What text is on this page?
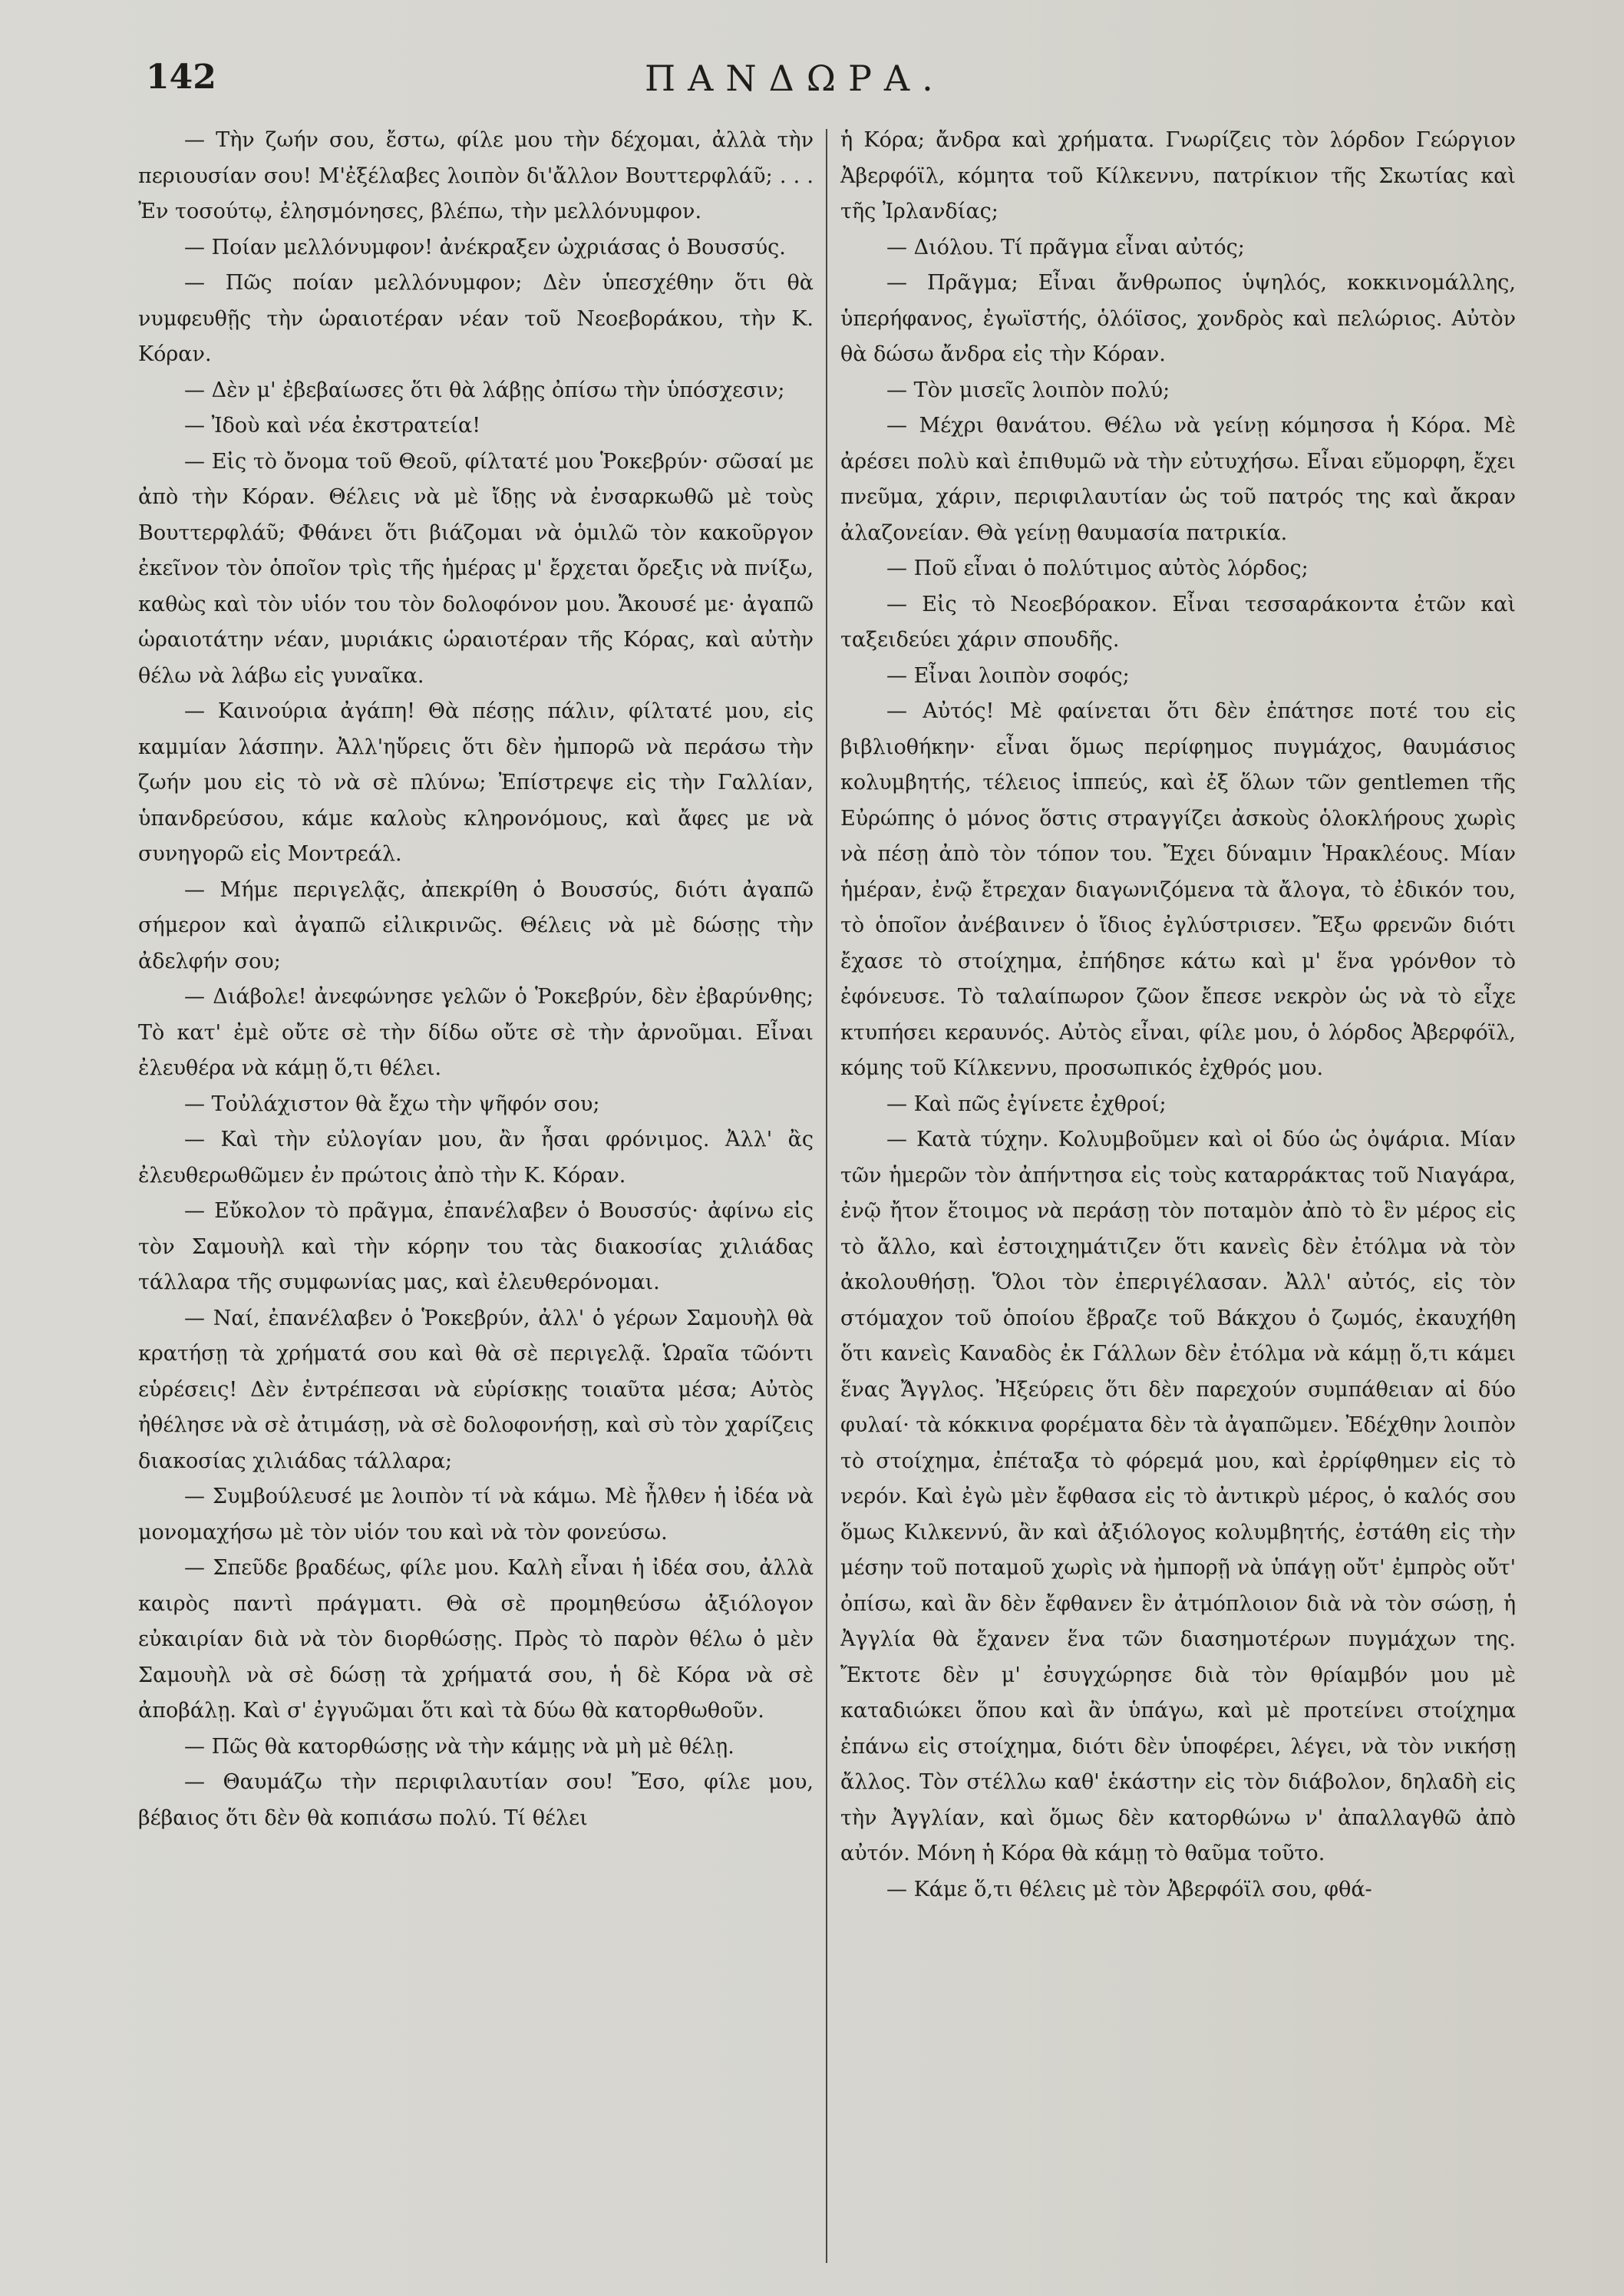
142	ΠΑΝΔΩΡΑ.

— Τὴν ζωήν σου, ἔστω, φίλε μου τὴν δέχομαι, ἀλλὰ τὴν περιουσίαν σου! Μ'ἐξέλαβες λοιπὸν δι'ἄλλον Βουττερφλάῦ; . . . Ἐν τοσούτῳ, ἐλησμόνησες, βλέπω, τὴν μελλόνυμφον.

— Ποίαν μελλόνυμφον! ἀνέκραξεν ὠχριάσας ὁ Βουσσύς.

— Πῶς ποίαν μελλόνυμφον; Δὲν ὑπεσχέθην ὅτι θὰ νυμφευθῇς τὴν ὡραιοτέραν νέαν τοῦ Νεοεβοράκου, τὴν Κ. Κόραν.

— Δὲν μ' ἐβεβαίωσες ὅτι θὰ λάβῃς ὀπίσω τὴν ὑπόσχεσιν;

— Ἰδοὺ καὶ νέα ἐκστρατεία!

— Εἰς τὸ ὄνομα τοῦ Θεοῦ, φίλτατέ μου Ῥοκεβρύν· σῶσαί με ἀπὸ τὴν Κόραν. Θέλεις νὰ μὲ ἴδῃς νὰ ἐνσαρκωθῶ μὲ τοὺς Βουττερφλάῦ; Φθάνει ὅτι βιάζομαι νὰ ὁμιλῶ τὸν κακοῦργον ἐκεῖνον τὸν ὁποῖον τρὶς τῆς ἡμέρας μ' ἔρχεται ὄρεξις νὰ πνίξω, καθὼς καὶ τὸν υἱόν του τὸν δολοφόνον μου. Ἄκουσέ με· ἀγαπῶ ὡραιοτάτην νέαν, μυριάκις ὡραιοτέραν τῆς Κόρας, καὶ αὐτὴν θέλω νὰ λάβω εἰς γυναῖκα.

— Καινούρια ἀγάπη! Θὰ πέσῃς πάλιν, φίλτατέ μου, εἰς καμμίαν λάσπην. Ἀλλ'ηὕρεις ὅτι δὲν ἠμπορῶ νὰ περάσω τὴν ζωήν μου εἰς τὸ νὰ σὲ πλύνω; Ἐπίστρεψε εἰς τὴν Γαλλίαν, ὑπανδρεύσου, κάμε καλοὺς κληρονόμους, καὶ ἄφες με νὰ συνηγορῶ εἰς Μοντρεάλ.

— Μήμε περιγελᾷς, ἀπεκρίθη ὁ Βουσσύς, διότι ἀγαπῶ σήμερον καὶ ἀγαπῶ εἰλικρινῶς. Θέλεις νὰ μὲ δώσῃς τὴν ἀδελφήν σου;

— Διάβολε! ἀνεφώνησε γελῶν ὁ Ῥοκεβρύν, δὲν ἐβαρύνθης; Τὸ κατ' ἐμὲ οὔτε σὲ τὴν δίδω οὔτε σὲ τὴν ἀρνοῦμαι. Εἶναι ἐλευθέρα νὰ κάμῃ ὅ,τι θέλει.

— Τοὐλάχιστον θὰ ἔχω τὴν ψῆφόν σου;

— Καὶ τὴν εὐλογίαν μου, ἂν ἦσαι φρόνιμος. Ἀλλ' ἂς ἐλευθερωθῶμεν ἐν πρώτοις ἀπὸ τὴν Κ. Κόραν.

— Εὔκολον τὸ πρᾶγμα, ἐπανέλαβεν ὁ Βουσσύς· ἀφίνω εἰς τὸν Σαμουὴλ καὶ τὴν κόρην του τὰς διακοσίας χιλιάδας τάλλαρα τῆς συμφωνίας μας, καὶ ἐλευθερόνομαι.

— Ναί, ἐπανέλαβεν ὁ Ῥοκεβρύν, ἀλλ' ὁ γέρων Σαμουὴλ θὰ κρατήσῃ τὰ χρήματά σου καὶ θὰ σὲ περιγελᾷ. Ὡραῖα τῶόντι εὑρέσεις! Δὲν ἐντρέπεσαι νὰ εὑρίσκῃς τοιαῦτα μέσα; Αὐτὸς ἠθέλησε νὰ σὲ ἀτιμάσῃ, νὰ σὲ δολοφονήσῃ, καὶ σὺ τὸν χαρίζεις διακοσίας χιλιάδας τάλλαρα;

— Συμβούλευσέ με λοιπὸν τί νὰ κάμω. Μὲ ἦλθεν ἡ ἰδέα νὰ μονομαχήσω μὲ τὸν υἱόν του καὶ νὰ τὸν φονεύσω.

— Σπεῦδε βραδέως, φίλε μου. Καλὴ εἶναι ἡ ἰδέα σου, ἀλλὰ καιρὸς παντὶ πράγματι. Θὰ σὲ προμηθεύσω ἀξιόλογον εὐκαιρίαν διὰ νὰ τὸν διορθώσῃς. Πρὸς τὸ παρὸν θέλω ὁ μὲν Σαμουὴλ νὰ σὲ δώσῃ τὰ χρήματά σου, ἡ δὲ Κόρα νὰ σὲ ἀποβάλῃ. Καὶ σ' ἐγγυῶμαι ὅτι καὶ τὰ δύω θὰ κατορθωθοῦν.

— Πῶς θὰ κατορθώσῃς νὰ τὴν κάμῃς νὰ μὴ μὲ θέλῃ.

— Θαυμάζω τὴν περιφιλαυτίαν σου! Ἔσο, φίλε μου, βέβαιος ὅτι δὲν θὰ κοπιάσω πολύ. Τί θέλει

ἡ Κόρα; ἄνδρα καὶ χρήματα. Γνωρίζεις τὸν λόρδον Γεώργιον Ἀβερφόϊλ, κόμητα τοῦ Κίλκεννυ, πατρίκιον τῆς Σκωτίας καὶ τῆς Ἰρλανδίας;

— Διόλου. Τί πρᾶγμα εἶναι αὐτός;

— Πρᾶγμα; Εἶναι ἄνθρωπος ὑψηλός, κοκκινομάλλης, ὑπερήφανος, ἐγωϊστής, ὁλόϊσος, χονδρὸς καὶ πελώριος. Αὐτὸν θὰ δώσω ἄνδρα εἰς τὴν Κόραν.

— Τὸν μισεῖς λοιπὸν πολύ;

— Μέχρι θανάτου. Θέλω νὰ γείνῃ κόμησσα ἡ Κόρα. Μὲ ἀρέσει πολὺ καὶ ἐπιθυμῶ νὰ τὴν εὐτυχήσω. Εἶναι εὔμορφη, ἔχει πνεῦμα, χάριν, περιφιλαυτίαν ὡς τοῦ πατρός της καὶ ἄκραν ἀλαζονείαν. Θὰ γείνῃ θαυμασία πατρικία.

— Ποῦ εἶναι ὁ πολύτιμος αὐτὸς λόρδος;

— Εἰς τὸ Νεοεβόρακον. Εἶναι τεσσαράκοντα ἐτῶν καὶ ταξειδεύει χάριν σπουδῆς.

— Εἶναι λοιπὸν σοφός;

— Αὐτός! Μὲ φαίνεται ὅτι δὲν ἐπάτησε ποτέ του εἰς βιβλιοθήκην· εἶναι ὅμως περίφημος πυγμάχος, θαυμάσιος κολυμβητής, τέλειος ἱππεύς, καὶ ἐξ ὅλων τῶν gentlemen τῆς Εὐρώπης ὁ μόνος ὅστις στραγγίζει ἀσκοὺς ὁλοκλήρους χωρὶς νὰ πέσῃ ἀπὸ τὸν τόπον του. Ἔχει δύναμιν Ἡρακλέους. Μίαν ἡμέραν, ἐνῷ ἔτρεχαν διαγωνιζόμενα τὰ ἄλογα, τὸ ἐδικόν του, τὸ ὁποῖον ἀνέβαινεν ὁ ἴδιος ἐγλύστρισεν. Ἔξω φρενῶν διότι ἔχασε τὸ στοίχημα, ἐπήδησε κάτω καὶ μ' ἕνα γρόνθον τὸ ἐφόνευσε. Τὸ ταλαίπωρον ζῶον ἔπεσε νεκρὸν ὡς νὰ τὸ εἶχε κτυπήσει κεραυνός. Αὐτὸς εἶναι, φίλε μου, ὁ λόρδος Ἀβερφόϊλ, κόμης τοῦ Κίλκεννυ, προσωπικός ἐχθρός μου.

— Καὶ πῶς ἐγίνετε ἐχθροί;

— Κατὰ τύχην. Κολυμβοῦμεν καὶ οἱ δύο ὡς ὀψάρια. Μίαν τῶν ἡμερῶν τὸν ἀπήντησα εἰς τοὺς καταρράκτας τοῦ Νιαγάρα, ἐνῷ ἤτον ἕτοιμος νὰ περάσῃ τὸν ποταμὸν ἀπὸ τὸ ἓν μέρος εἰς τὸ ἄλλο, καὶ ἐστοιχημάτιζεν ὅτι κανεὶς δὲν ἐτόλμα νὰ τὸν ἀκολουθήσῃ. Ὅλοι τὸν ἐπεριγέλασαν. Ἀλλ' αὐτός, εἰς τὸν στόμαχον τοῦ ὁποίου ἔβραζε τοῦ Βάκχου ὁ ζωμός, ἐκαυχήθη ὅτι κανεὶς Καναδὸς ἐκ Γάλλων δὲν ἐτόλμα νὰ κάμῃ ὅ,τι κάμει ἕνας Ἄγγλος. Ἠξεύρεις ὅτι δὲν παρεχούν συμπάθειαν αἱ δύο φυλαί· τὰ κόκκινα φορέματα δὲν τὰ ἀγαπῶμεν. Ἐδέχθην λοιπὸν τὸ στοίχημα, ἐπέταξα τὸ φόρεμά μου, καὶ ἐρρίφθημεν εἰς τὸ νερόν. Καὶ ἐγὼ μὲν ἔφθασα εἰς τὸ ἀντικρὺ μέρος, ὁ καλός σου ὅμως Κιλκεννύ, ἂν καὶ ἀξιόλογος κολυμβητής, ἐστάθη εἰς τὴν μέσην τοῦ ποταμοῦ χωρὶς νὰ ἠμπορῇ νὰ ὑπάγῃ οὔτ' ἐμπρὸς οὔτ' ὀπίσω, καὶ ἂν δὲν ἔφθανεν ἓν ἀτμόπλοιον διὰ νὰ τὸν σώσῃ, ἡ Ἀγγλία θὰ ἔχανεν ἕνα τῶν διασημοτέρων πυγμάχων της. Ἔκτοτε δὲν μ' ἐσυγχώρησε διὰ τὸν θρίαμβόν μου μὲ καταδιώκει ὅπου καὶ ἂν ὑπάγω, καὶ μὲ προτείνει στοίχημα ἐπάνω εἰς στοίχημα, διότι δὲν ὑποφέρει, λέγει, νὰ τὸν νικήσῃ ἄλλος. Τὸν στέλλω καθ' ἑκάστην εἰς τὸν διάβολον, δηλαδὴ εἰς τὴν Ἀγγλίαν, καὶ ὅμως δὲν κατορθώνω ν' ἀπαλλαγθῶ ἀπὸ αὐτόν. Μόνη ἡ Κόρα θὰ κάμῃ τὸ θαῦμα τοῦτο.

— Κάμε ὅ,τι θέλεις μὲ τὸν Ἀβερφόϊλ σου, φθά-
